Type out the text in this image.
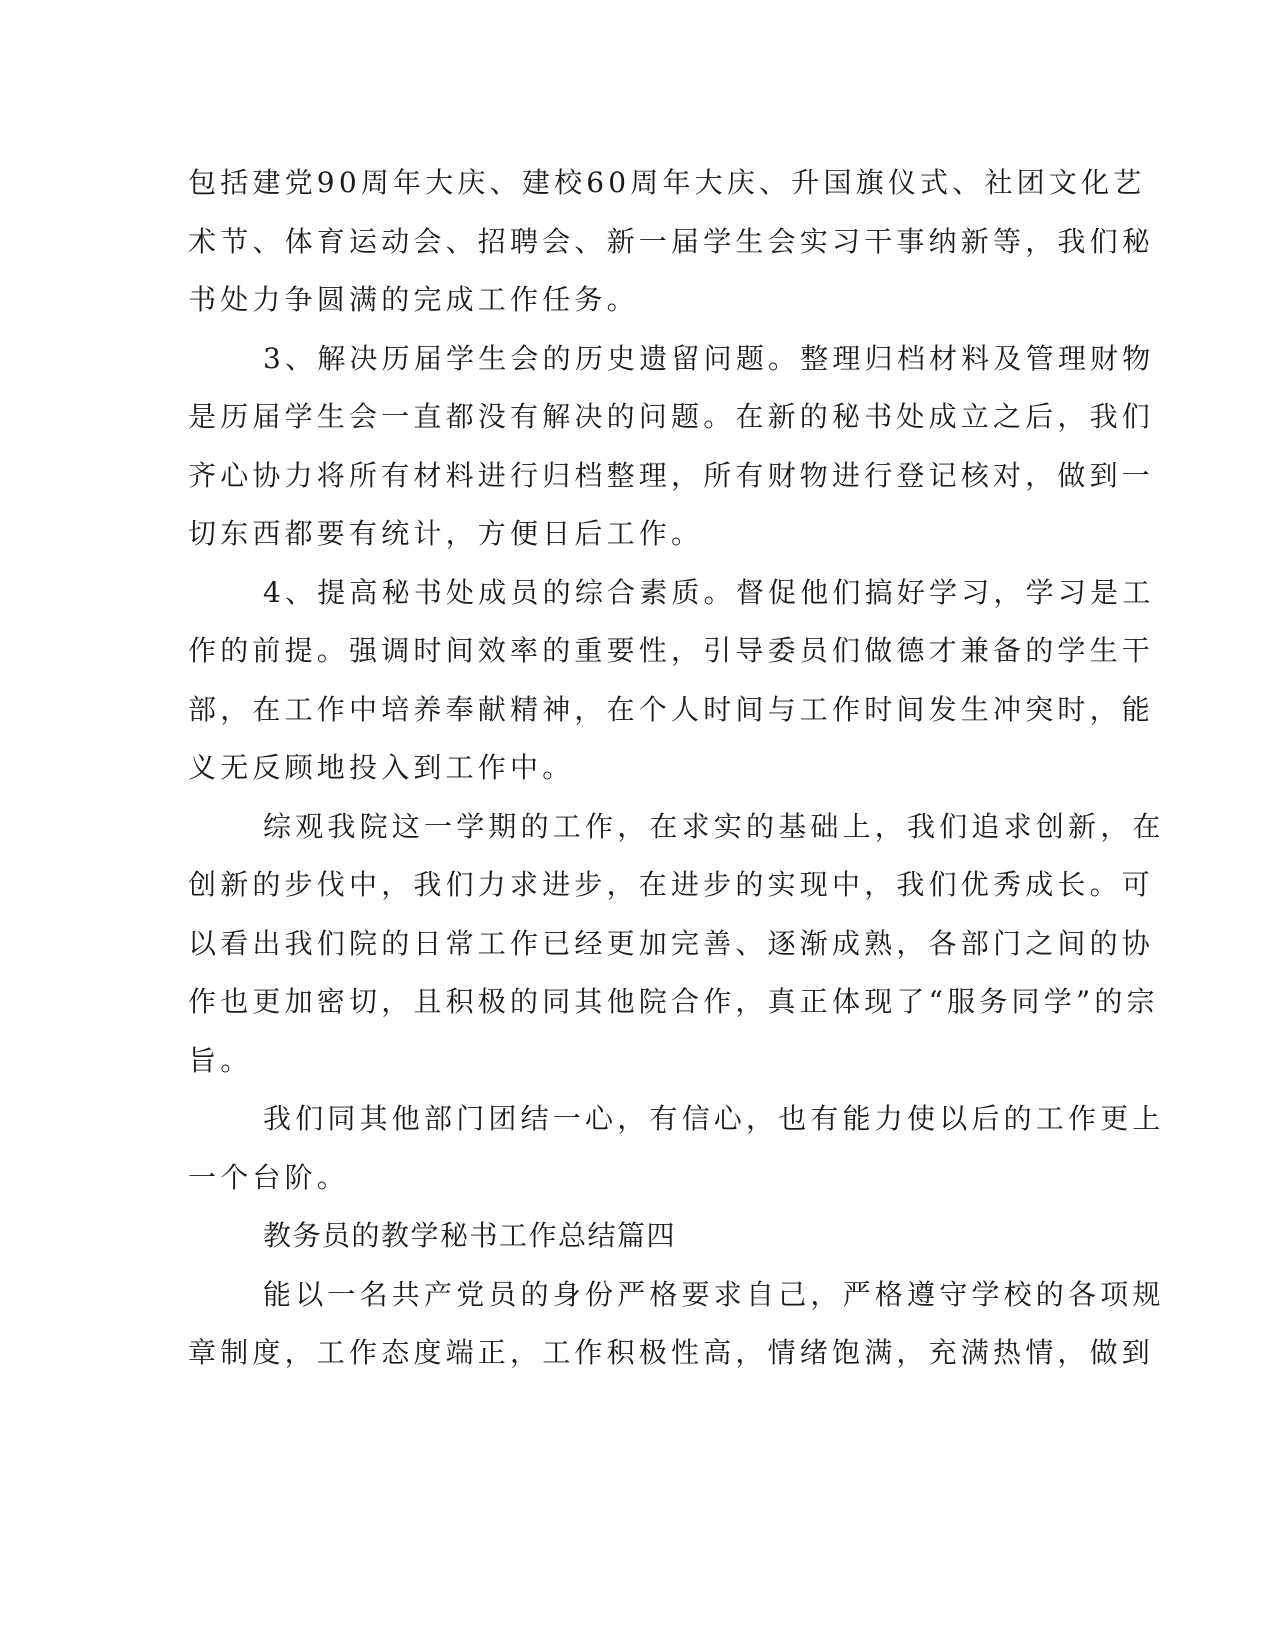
包括建党90周年大庆、建校60周年大庆、升国旗仪式、社团文化艺

术节、体育运动会、招聘会、新一届学生会实习干事纳新等，我们秘

书处力争圆满的完成工作任务。

3、解决历届学生会的历史遗留问题。整理归档材料及管理财物

是历届学生会一直都没有解决的问题。在新的秘书处成立之后，我们

齐心协力将所有材料进行归档整理，所有财物进行登记核对，做到一

切东西都要有统计，方便日后工作。

4、提高秘书处成员的综合素质。督促他们搞好学习，学习是工

作的前提。强调时间效率的重要性，引导委员们做德才兼备的学生干

部，在工作中培养奉献精神，在个人时间与工作时间发生冲突时，能

义无反顾地投入到工作中。

综观我院这一学期的工作，在求实的基础上，我们追求创新，在

创新的步伐中，我们力求进步，在进步的实现中，我们优秀成长。可

以看出我们院的日常工作已经更加完善、逐渐成熟，各部门之间的协

作也更加密切，且积极的同其他院合作，真正体现了“服务同学”的宗

旨。

我们同其他部门团结一心，有信心，也有能力使以后的工作更上

一个台阶。

教务员的教学秘书工作总结篇四

能以一名共产党员的身份严格要求自己，严格遵守学校的各项规

章制度，工作态度端正，工作积极性高，情绪饱满，充满热情，做到
